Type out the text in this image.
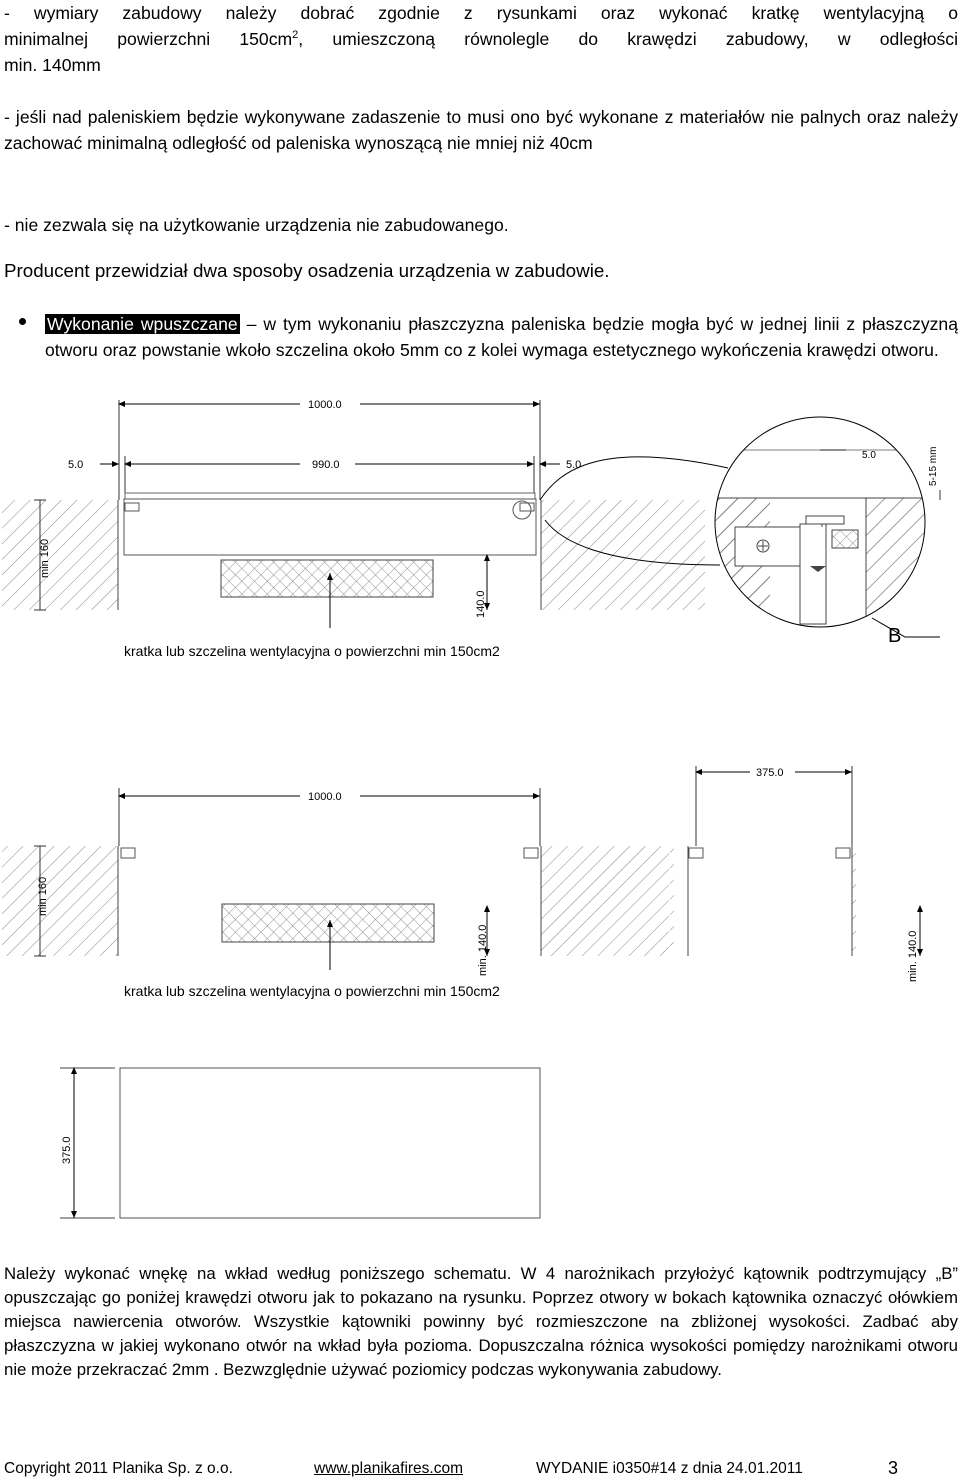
- wymiary zabudowy należy dobrać zgodnie z rysunkami oraz wykonać kratkę wentylacyjną o
minimalnej powierzchni $150cm^2$, umieszczoną równolegle do krawędzi zabudowy, w odległości
min. 140mm

- jeśli nad paleniskiem będzie wykonywane zadaszenie to musi ono być wykonane z materiałów nie palnych oraz należy zachować minimalną odległość od paleniska wynoszącą nie mniej niż 40cm

- nie zezwala się na użytkowanie urządzenia nie zabudowanego.
Producent przewidział dwa sposoby osadzenia urządzenia w zabudowie.
Wykonanie wpuszczane – w tym wykonaniu płaszczyzna paleniska będzie mogła być w jednej linii z płaszczyzną otworu oraz powstanie wkoło szczelina około 5mm co z kolei wymaga estetycznego wykończenia krawędzi otworu.
1000.0
5.0	990.0	5.0
140.0
min 160
kratka lub szczelina wentylacyjna o powierzchni min 150cm2
B
5.0	5-15 mm
1000.0
375.0
min. 140.0	min. 140.0
min 160
kratka lub szczelina wentylacyjna o powierzchni min 150cm2
375.0

Należy wykonać wnękę na wkład według poniższego schematu. W 4 narożnikach przyłożyć kątownik podtrzymujący „B” opuszczając go poniżej krawędzi otworu jak to pokazano na rysunku. Poprzez otwory w bokach kątownika oznaczyć ołówkiem miejsca nawiercenia otworów. Wszystkie kątowniki powinny być rozmieszczone na zbliżonej wysokości. Zadbać aby płaszczyzna w jakiej wykonano otwór na wkład była pozioma. Dopuszczalna różnica wysokości pomiędzy narożnikami otworu nie może przekraczać 2mm . Bezwzględnie używać poziomicy podczas wykonywania zabudowy.

Copyright 2011 Planika Sp. z o.o.	www.planikafires.com	WYDANIE i0350#14 z dnia 24.01.2011	3
